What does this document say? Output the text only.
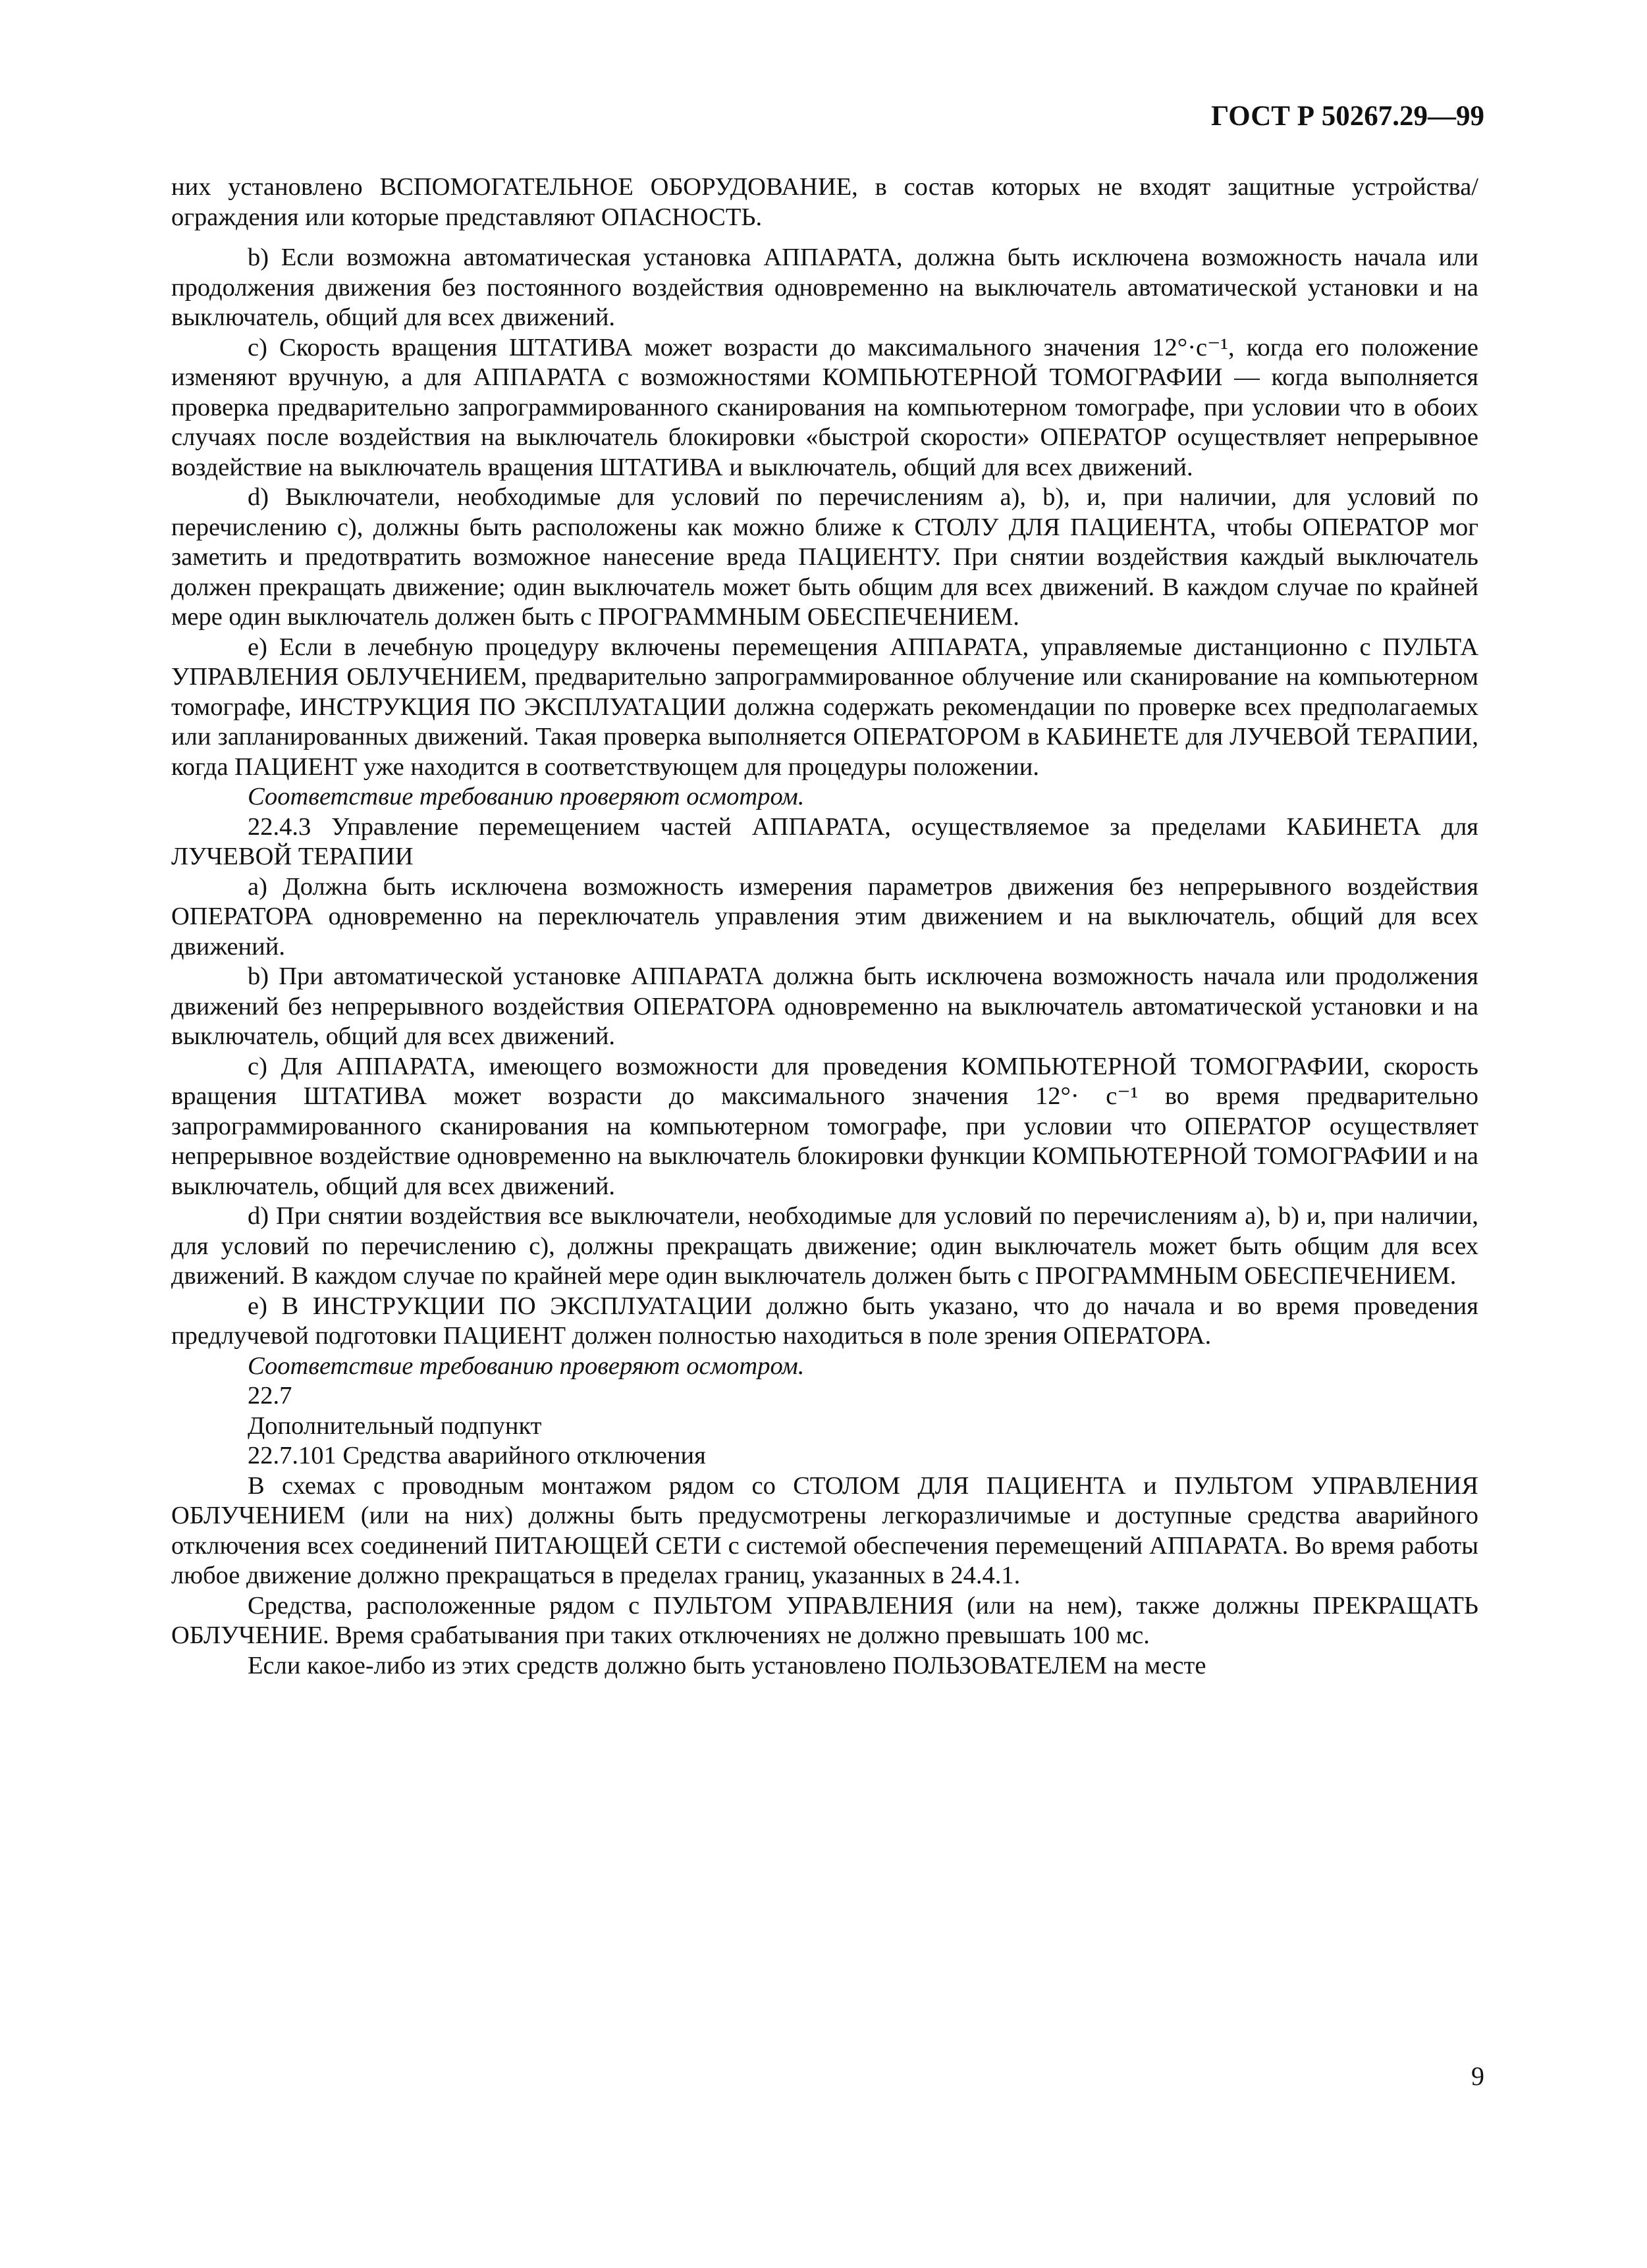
ГОСТ Р 50267.29—99

них установлено ВСПОМОГАТЕЛЬНОЕ ОБОРУДОВАНИЕ, в состав которых не входят защитные устройства/ограждения или которые представляют ОПАСНОСТЬ.

b) Если возможна автоматическая установка АППАРАТА, должна быть исключена возможность начала или продолжения движения без постоянного воздействия одновременно на выключатель автоматической установки и на выключатель, общий для всех движений.

c) Скорость вращения ШТАТИВА может возрасти до максимального значения 12°·с⁻¹, когда его положение изменяют вручную, а для АППАРАТА с возможностями КОМПЬЮТЕРНОЙ ТОМОГРАФИИ — когда выполняется проверка предварительно запрограммированного сканирования на компьютерном томографе, при условии что в обоих случаях после воздействия на выключатель блокировки «быстрой скорости» ОПЕРАТОР осуществляет непрерывное воздействие на выключатель вращения ШТАТИВА и выключатель, общий для всех движений.

d) Выключатели, необходимые для условий по перечислениям a), b), и, при наличии, для условий по перечислению c), должны быть расположены как можно ближе к СТОЛУ ДЛЯ ПАЦИЕНТА, чтобы ОПЕРАТОР мог заметить и предотвратить возможное нанесение вреда ПАЦИЕНТУ. При снятии воздействия каждый выключатель должен прекращать движение; один выключатель может быть общим для всех движений. В каждом случае по крайней мере один выключатель должен быть с ПРОГРАММНЫМ ОБЕСПЕЧЕНИЕМ.

e) Если в лечебную процедуру включены перемещения АППАРАТА, управляемые дистанционно с ПУЛЬТА УПРАВЛЕНИЯ ОБЛУЧЕНИЕМ, предварительно запрограммированное облучение или сканирование на компьютерном томографе, ИНСТРУКЦИЯ ПО ЭКСПЛУАТАЦИИ должна содержать рекомендации по проверке всех предполагаемых или запланированных движений. Такая проверка выполняется ОПЕРАТОРОМ в КАБИНЕТЕ для ЛУЧЕВОЙ ТЕРАПИИ, когда ПАЦИЕНТ уже находится в соответствующем для процедуры положении.

Соответствие требованию проверяют осмотром.

22.4.3 Управление перемещением частей АППАРАТА, осуществляемое за пределами КАБИНЕТА для ЛУЧЕВОЙ ТЕРАПИИ

a) Должна быть исключена возможность измерения параметров движения без непрерывного воздействия ОПЕРАТОРА одновременно на переключатель управления этим движением и на выключатель, общий для всех движений.

b) При автоматической установке АППАРАТА должна быть исключена возможность начала или продолжения движений без непрерывного воздействия ОПЕРАТОРА одновременно на выключатель автоматической установки и на выключатель, общий для всех движений.

c) Для АППАРАТА, имеющего возможности для проведения КОМПЬЮТЕРНОЙ ТОМОГРАФИИ, скорость вращения ШТАТИВА может возрасти до максимального значения 12°· с⁻¹ во время предварительно запрограммированного сканирования на компьютерном томографе, при условии что ОПЕРАТОР осуществляет непрерывное воздействие одновременно на выключатель блокировки функции КОМПЬЮТЕРНОЙ ТОМОГРАФИИ и на выключатель, общий для всех движений.

d) При снятии воздействия все выключатели, необходимые для условий по перечислениям a), b) и, при наличии, для условий по перечислению c), должны прекращать движение; один выключатель может быть общим для всех движений. В каждом случае по крайней мере один выключатель должен быть с ПРОГРАММНЫМ ОБЕСПЕЧЕНИЕМ.

e) В ИНСТРУКЦИИ ПО ЭКСПЛУАТАЦИИ должно быть указано, что до начала и во время проведения предлучевой подготовки ПАЦИЕНТ должен полностью находиться в поле зрения ОПЕРАТОРА.

Соответствие требованию проверяют осмотром.

22.7

Дополнительный подпункт

22.7.101 Средства аварийного отключения

В схемах с проводным монтажом рядом со СТОЛОМ ДЛЯ ПАЦИЕНТА и ПУЛЬТОМ УПРАВЛЕНИЯ ОБЛУЧЕНИЕМ (или на них) должны быть предусмотрены легкоразличимые и доступные средства аварийного отключения всех соединений ПИТАЮЩЕЙ СЕТИ с системой обеспечения перемещений АППАРАТА. Во время работы любое движение должно прекращаться в пределах границ, указанных в 24.4.1.

Средства, расположенные рядом с ПУЛЬТОМ УПРАВЛЕНИЯ (или на нем), также должны ПРЕКРАЩАТЬ ОБЛУЧЕНИЕ. Время срабатывания при таких отключениях не должно превышать 100 мс.

Если какое-либо из этих средств должно быть установлено ПОЛЬЗОВАТЕЛЕМ на месте

9
